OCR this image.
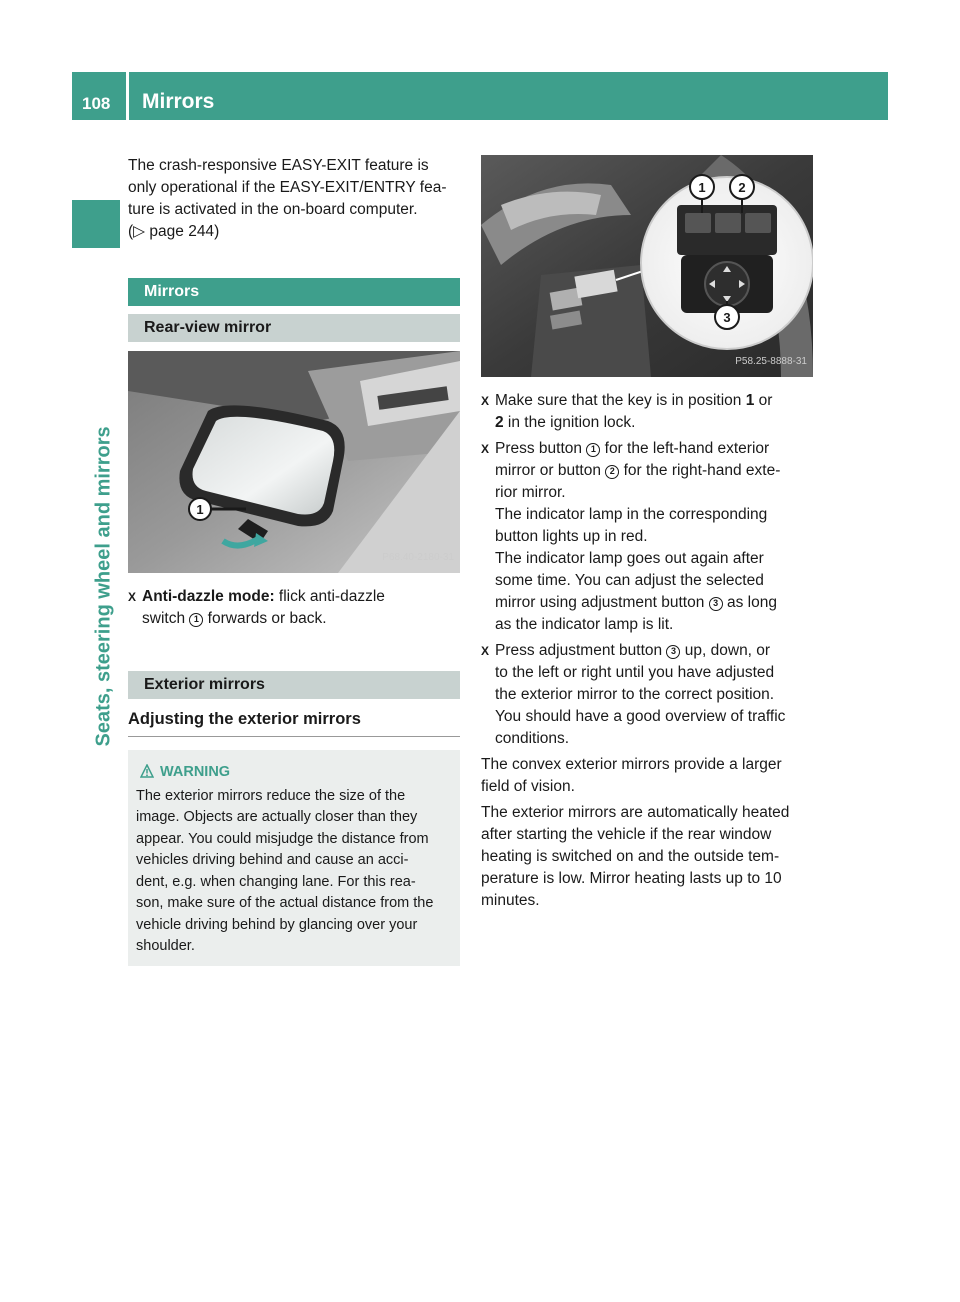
108 Mirrors
Seats, steering wheel and mirrors

The crash-responsive EASY-EXIT feature is
only operational if the EASY-EXIT/ENTRY fea-
ture is activated in the on-board computer.
(▷ page 244)

Mirrors
Rear-view mirror
1
P68.40-2180-31
X Anti-dazzle mode: flick anti-dazzle
switch 1 forwards or back.
Exterior mirrors
Adjusting the exterior mirrors
WARNING

The exterior mirrors reduce the size of the
image. Objects are actually closer than they
appear. You could misjudge the distance from
vehicles driving behind and cause an acci-
dent, e.g. when changing lane. For this rea-
son, make sure of the actual distance from the
vehicle driving behind by glancing over your
shoulder.

1	2
3
P58.25-8888-31
X Make sure that the key is in position 1 or
2 in the ignition lock.
X Press button 1 for the left-hand exterior
mirror or button 2 for the right-hand exte-
rior mirror.
The indicator lamp in the corresponding
button lights up in red.
The indicator lamp goes out again after
some time. You can adjust the selected
mirror using adjustment button 3 as long
as the indicator lamp is lit.
X Press adjustment button 3 up, down, or
to the left or right until you have adjusted
the exterior mirror to the correct position.
You should have a good overview of traffic
conditions.

The convex exterior mirrors provide a larger
field of vision.

The exterior mirrors are automatically heated
after starting the vehicle if the rear window
heating is switched on and the outside tem-
perature is low. Mirror heating lasts up to 10
minutes.
